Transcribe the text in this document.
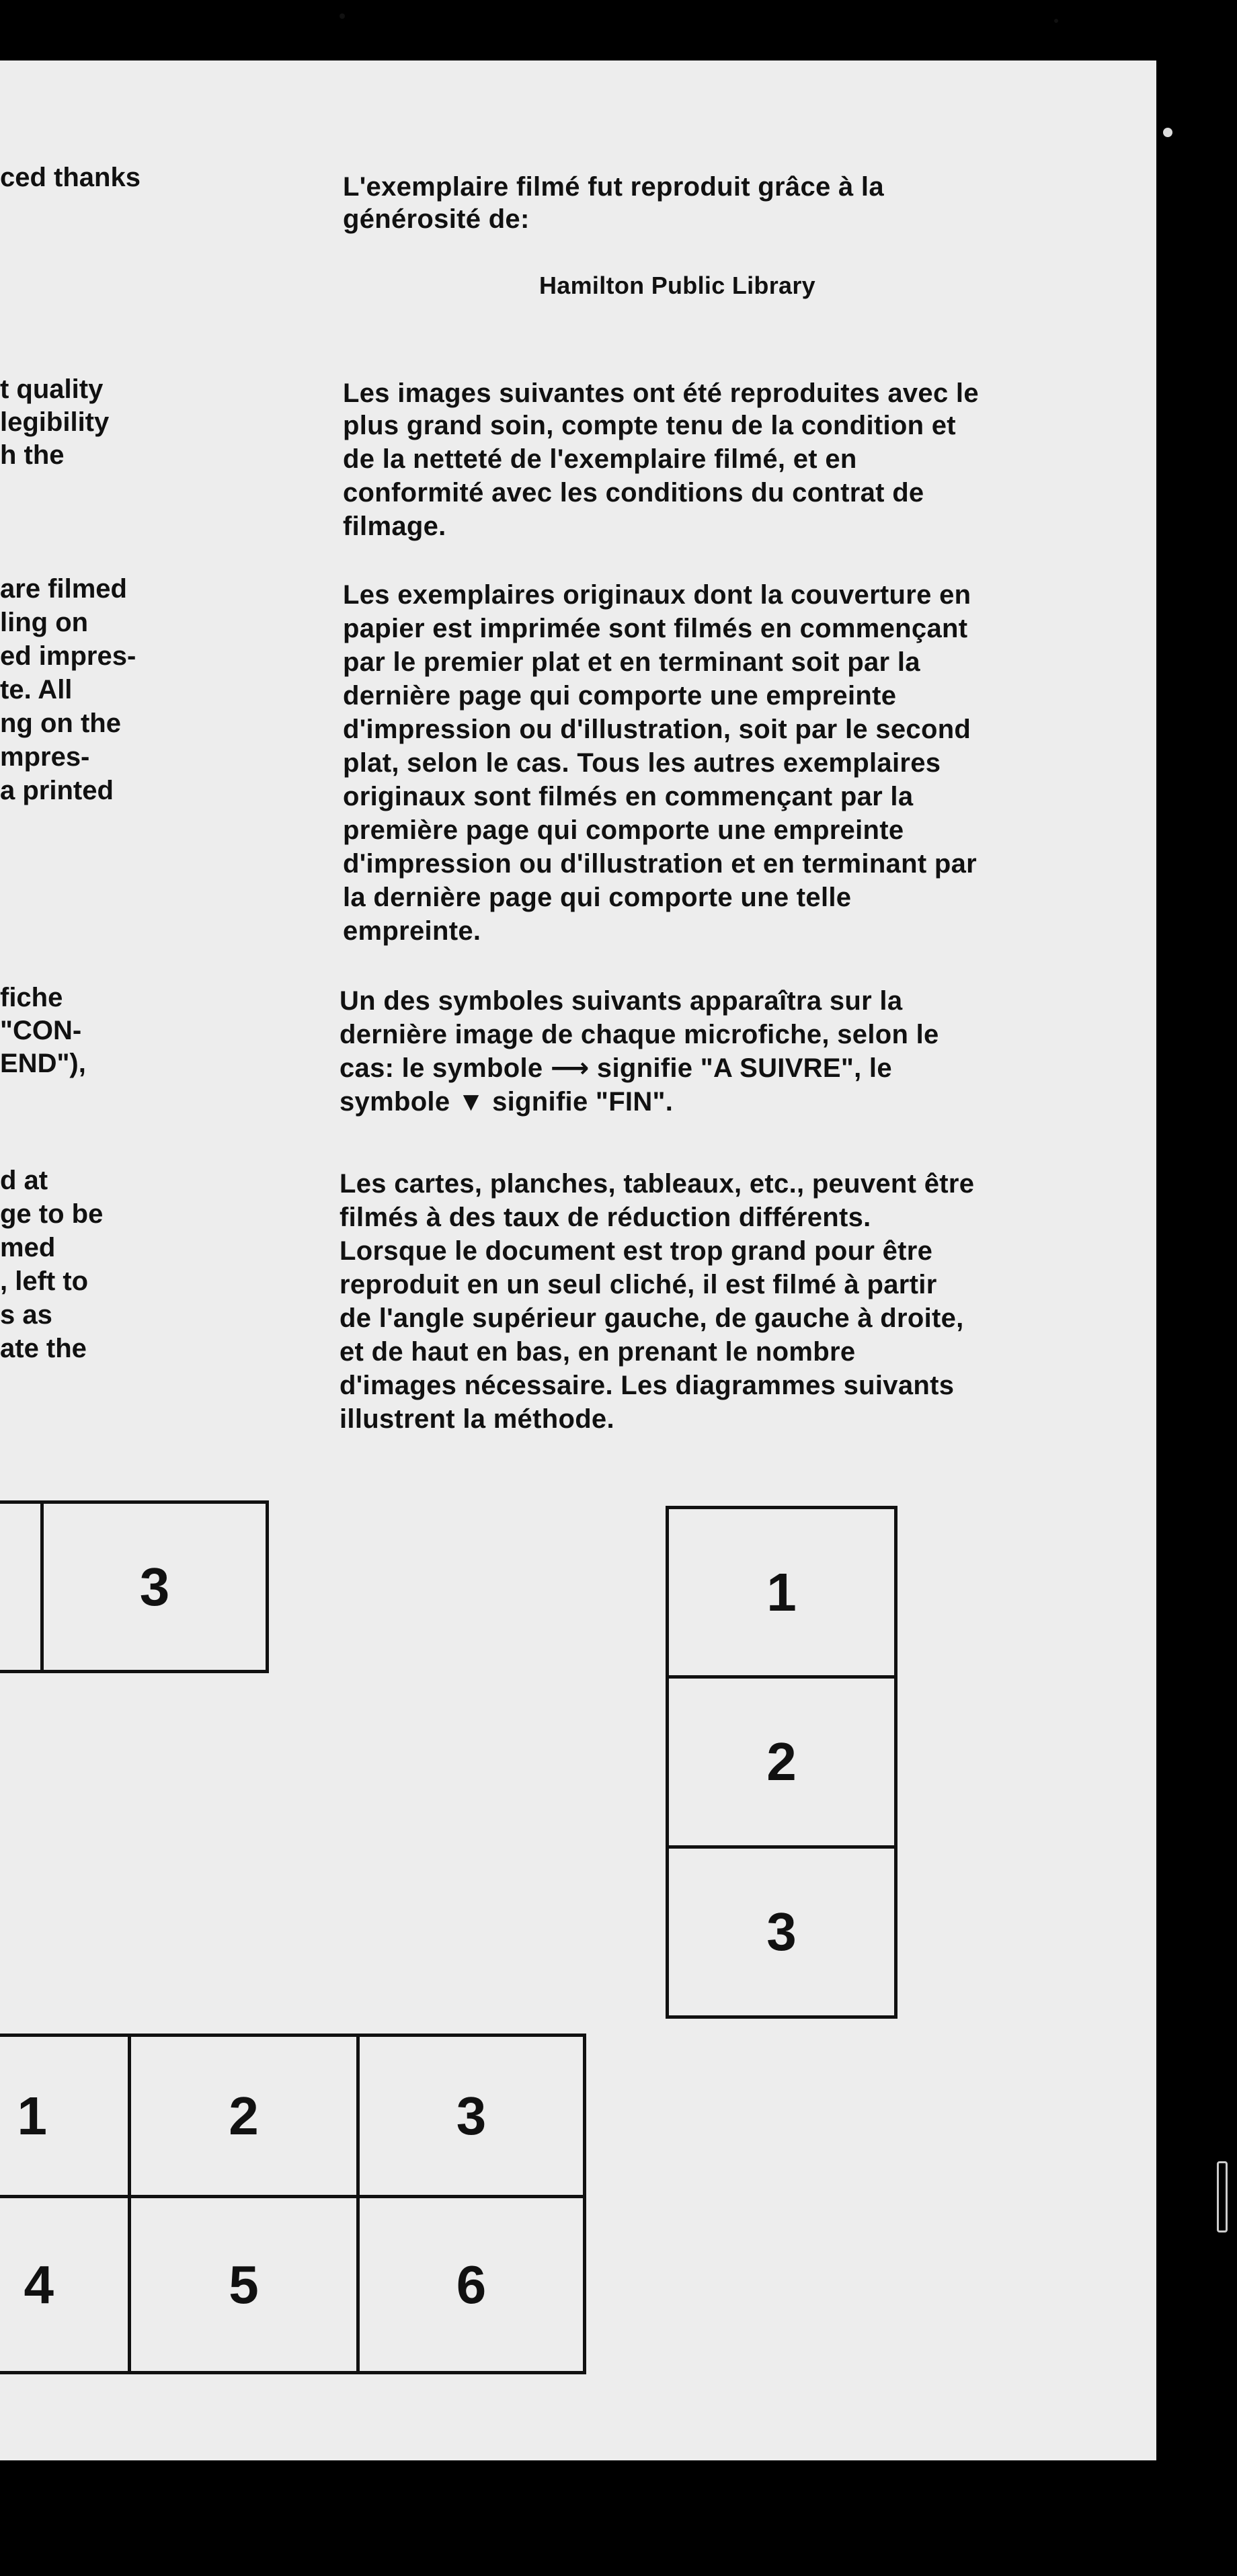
ced thanks
t quality
legibility
h the
are filmed
ling on
ed impres-
te. All
ng on the
mpres-
a printed
fiche
"CON-
END"),
d at
ge to be
med
, left to
s as
ate the
L'exemplaire filmé fut reproduit grâce à la
générosité de:
Hamilton Public Library
Les images suivantes ont été reproduites avec le
plus grand soin, compte tenu de la condition et
de la netteté de l'exemplaire filmé, et en
conformité avec les conditions du contrat de
filmage.
Les exemplaires originaux dont la couverture en
papier est imprimée sont filmés en commençant
par le premier plat et en terminant soit par la
dernière page qui comporte une empreinte
d'impression ou d'illustration, soit par le second
plat, selon le cas. Tous les autres exemplaires
originaux sont filmés en commençant par la
première page qui comporte une empreinte
d'impression ou d'illustration et en terminant par
la dernière page qui comporte une telle
empreinte.
Un des symboles suivants apparaîtra sur la
dernière image de chaque microfiche, selon le
cas: le symbole ⟶ signifie "A SUIVRE", le
symbole ▼ signifie "FIN".
Les cartes, planches, tableaux, etc., peuvent être
filmés à des taux de réduction différents.
Lorsque le document est trop grand pour être
reproduit en un seul cliché, il est filmé à partir
de l'angle supérieur gauche, de gauche à droite,
et de haut en bas, en prenant le nombre
d'images nécessaire. Les diagrammes suivants
illustrent la méthode.
3	1
2
3
1	2	3
4	5	6
